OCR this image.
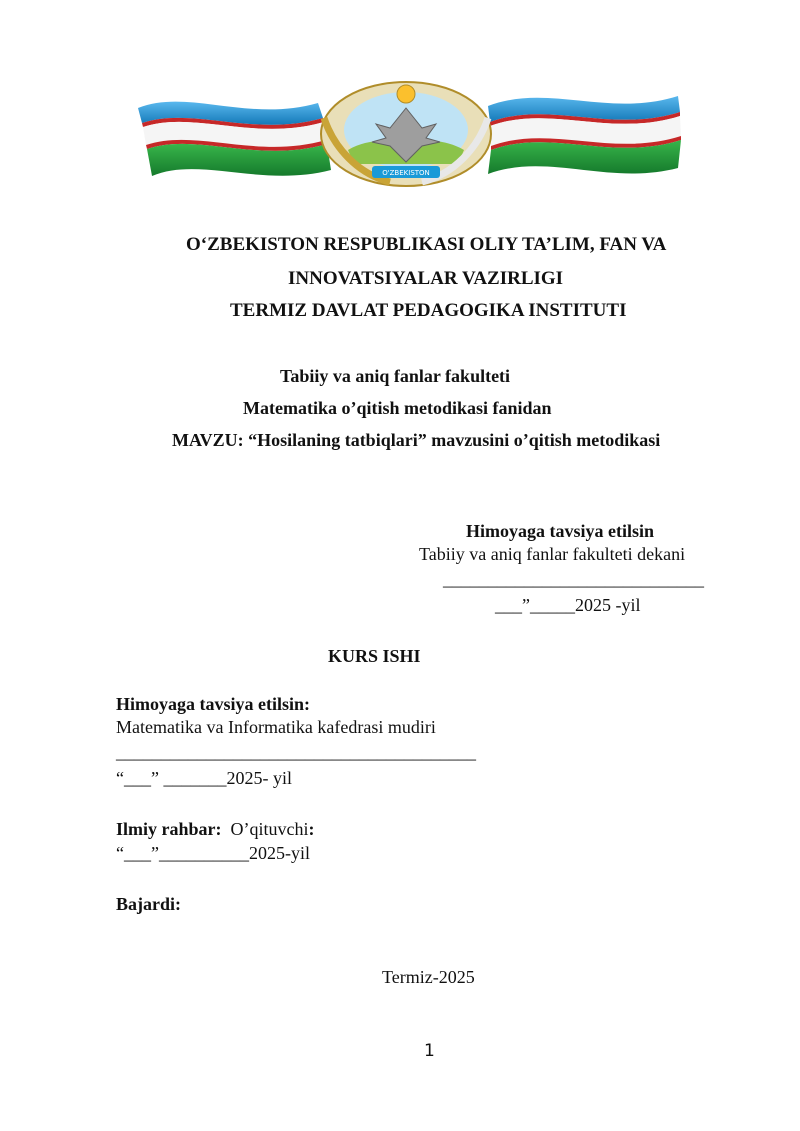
O'ZBEKISTON
O‘ZBEKISTON RESPUBLIKASI OLIY TA’LIM, FAN VA
INNOVATSIYALAR VAZIRLIGI
TERMIZ DAVLAT PEDAGOGIKA INSTITUTI
Tabiiy va aniq fanlar fakulteti
Matematika o’qitish metodikasi fanidan
MAVZU: “Hosilaning tatbiqlari” mavzusini o’qitish metodikasi
Himoyaga tavsiya etilsin
Tabiiy va aniq fanlar fakulteti dekani
_____________________________
___”_____2025 -yil
KURS ISHI
Himoyaga tavsiya etilsin:
Matematika va Informatika kafedrasi mudiri
________________________________________
“___” _______2025- yil
Ilmiy rahbar: O’qituvchi:
“___”__________2025-yil
Bajardi:
Termiz-2025
1
